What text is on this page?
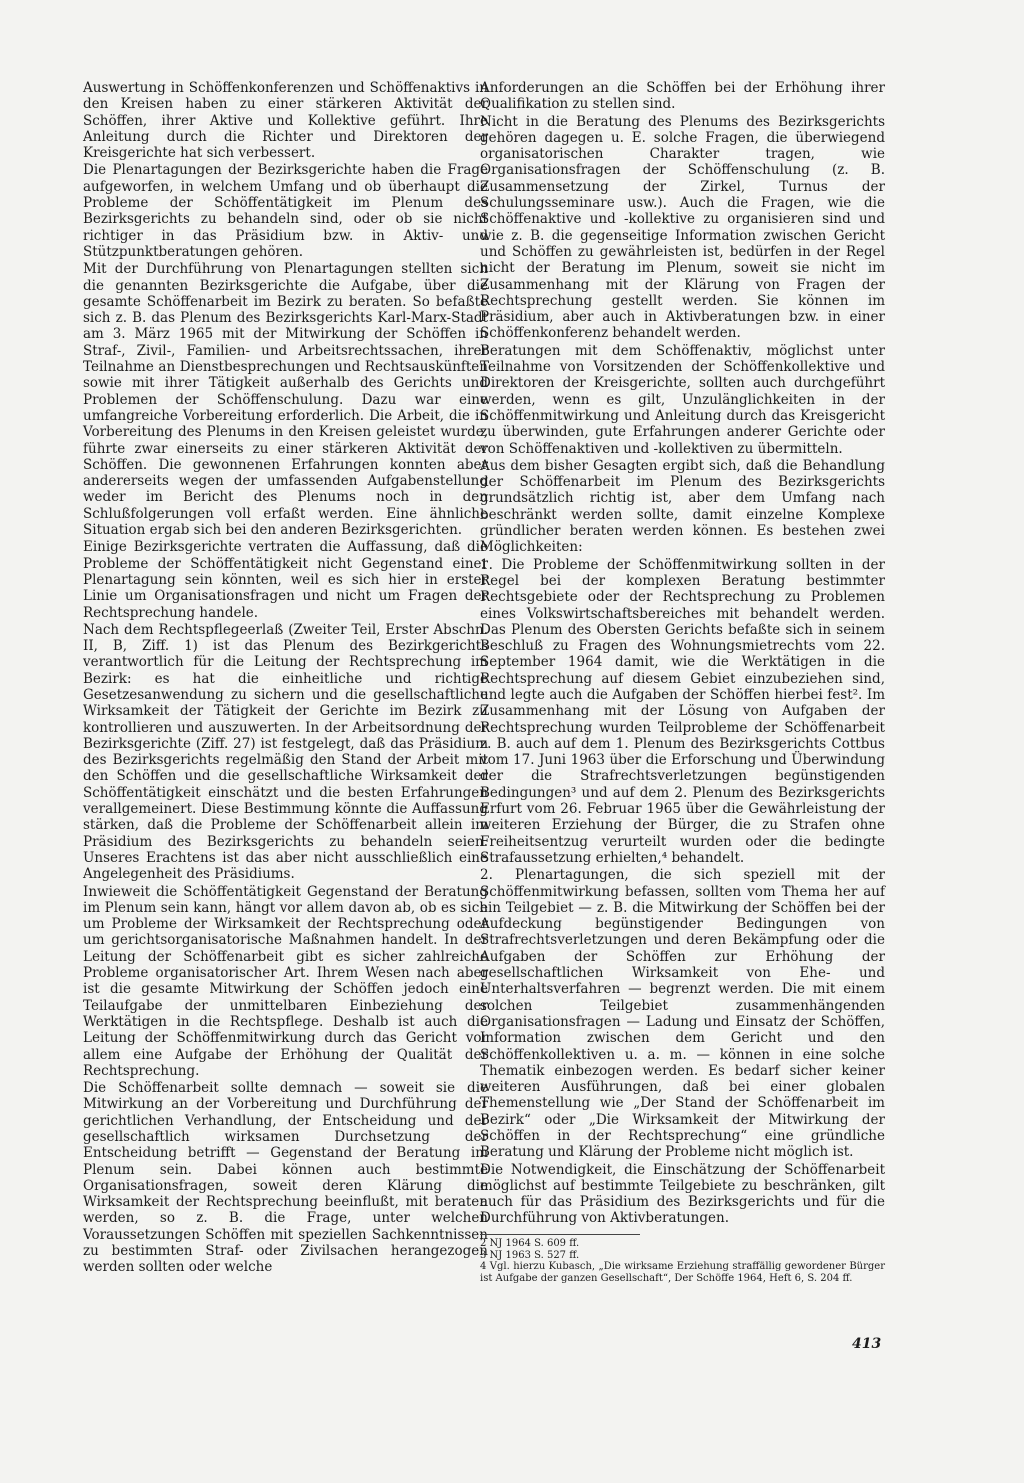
Auswertung in Schöffenkonferenzen und Schöffenaktivs in den Kreisen haben zu einer stärkeren Aktivität der Schöffen, ihrer Aktive und Kollektive geführt. Ihre Anleitung durch die Richter und Direktoren der Kreisgerichte hat sich verbessert.

Die Plenartagungen der Bezirksgerichte haben die Frage aufgeworfen, in welchem Umfang und ob überhaupt die Probleme der Schöffentätigkeit im Plenum des Bezirksgerichts zu behandeln sind, oder ob sie nicht richtiger in das Präsidium bzw. in Aktiv- und Stützpunktberatungen gehören.

Mit der Durchführung von Plenartagungen stellten sich die genannten Bezirksgerichte die Aufgabe, über die gesamte Schöffenarbeit im Bezirk zu beraten. So befaßte sich z. B. das Plenum des Bezirksgerichts Karl-Marx-Stadt am 3. März 1965 mit der Mitwirkung der Schöffen in Straf-, Zivil-, Familien- und Arbeitsrechtssachen, ihrer Teilnahme an Dienstbesprechungen und Rechtsauskünften sowie mit ihrer Tätigkeit außerhalb des Gerichts und Problemen der Schöffenschulung. Dazu war eine umfangreiche Vorbereitung erforderlich. Die Arbeit, die in Vorbereitung des Plenums in den Kreisen geleistet wurde, führte zwar einerseits zu einer stärkeren Aktivität der Schöffen. Die gewonnenen Erfahrungen konnten aber andererseits wegen der umfassenden Aufgabenstellung weder im Bericht des Plenums noch in den Schlußfolgerungen voll erfaßt werden. Eine ähnliche Situation ergab sich bei den anderen Bezirksgerichten.

Einige Bezirksgerichte vertraten die Auffassung, daß die Probleme der Schöffentätigkeit nicht Gegenstand einer Plenartagung sein könnten, weil es sich hier in erster Linie um Organisationsfragen und nicht um Fragen der Rechtsprechung handele.

Nach dem Rechtspflegeerlaß (Zweiter Teil, Erster Abschn. II, B, Ziff. 1) ist das Plenum des Bezirkgerichts verantwortlich für die Leitung der Rechtsprechung im Bezirk: es hat die einheitliche und richtige Gesetzesanwendung zu sichern und die gesellschaftliche Wirksamkeit der Tätigkeit der Gerichte im Bezirk zu kontrollieren und auszuwerten. In der Arbeitsordnung der Bezirksgerichte (Ziff. 27) ist festgelegt, daß das Präsidium des Bezirksgerichts regelmäßig den Stand der Arbeit mit den Schöffen und die gesellschaftliche Wirksamkeit der Schöffentätigkeit einschätzt und die besten Erfahrungen verallgemeinert. Diese Bestimmung könnte die Auffassung stärken, daß die Probleme der Schöffenarbeit allein im Präsidium des Bezirksgerichts zu behandeln seien. Unseres Erachtens ist das aber nicht ausschließlich eine Angelegenheit des Präsidiums.

Inwieweit die Schöffentätigkeit Gegenstand der Beratung im Plenum sein kann, hängt vor allem davon ab, ob es sich um Probleme der Wirksamkeit der Rechtsprechung oder um gerichtsorganisatorische Maßnahmen handelt. In der Leitung der Schöffenarbeit gibt es sicher zahlreiche Probleme organisatorischer Art. Ihrem Wesen nach aber ist die gesamte Mitwirkung der Schöffen jedoch eine Teilaufgabe der unmittelbaren Einbeziehung der Werktätigen in die Rechtspflege. Deshalb ist auch die Leitung der Schöffenmitwirkung durch das Gericht vor allem eine Aufgabe der Erhöhung der Qualität der Rechtsprechung.

Die Schöffenarbeit sollte demnach — soweit sie die Mitwirkung an der Vorbereitung und Durchführung der gerichtlichen Verhandlung, der Entscheidung und der gesellschaftlich wirksamen Durchsetzung der Entscheidung betrifft — Gegenstand der Beratung im Plenum sein. Dabei können auch bestimmte Organisationsfragen, soweit deren Klärung die Wirksamkeit der Rechtsprechung beeinflußt, mit beraten werden, so z. B. die Frage, unter welchen Voraussetzungen Schöffen mit speziellen Sachkenntnissen zu bestimmten Straf- oder Zivilsachen herangezogen werden sollten oder welche

Anforderungen an die Schöffen bei der Erhöhung ihrer Qualifikation zu stellen sind.

Nicht in die Beratung des Plenums des Bezirksgerichts gehören dagegen u. E. solche Fragen, die überwiegend organisatorischen Charakter tragen, wie Organisationsfragen der Schöffenschulung (z. B. Zusammensetzung der Zirkel, Turnus der Schulungsseminare usw.). Auch die Fragen, wie die Schöffenaktive und -kollektive zu organisieren sind und wie z. B. die gegenseitige Information zwischen Gericht und Schöffen zu gewährleisten ist, bedürfen in der Regel nicht der Beratung im Plenum, soweit sie nicht im Zusammenhang mit der Klärung von Fragen der Rechtsprechung gestellt werden. Sie können im Präsidium, aber auch in Aktivberatungen bzw. in einer Schöffenkonferenz behandelt werden.

Beratungen mit dem Schöffenaktiv, möglichst unter Teilnahme von Vorsitzenden der Schöffenkollektive und Direktoren der Kreisgerichte, sollten auch durchgeführt werden, wenn es gilt, Unzulänglichkeiten in der Schöffenmitwirkung und Anleitung durch das Kreisgericht zu überwinden, gute Erfahrungen anderer Gerichte oder von Schöffenaktiven und -kollektiven zu übermitteln.

Aus dem bisher Gesagten ergibt sich, daß die Behandlung der Schöffenarbeit im Plenum des Bezirksgerichts grundsätzlich richtig ist, aber dem Umfang nach beschränkt werden sollte, damit einzelne Komplexe gründlicher beraten werden können. Es bestehen zwei Möglichkeiten:

1. Die Probleme der Schöffenmitwirkung sollten in der Regel bei der komplexen Beratung bestimmter Rechtsgebiete oder der Rechtsprechung zu Problemen eines Volkswirtschaftsbereiches mit behandelt werden. Das Plenum des Obersten Gerichts befaßte sich in seinem Beschluß zu Fragen des Wohnungsmietrechts vom 22. September 1964 damit, wie die Werktätigen in die Rechtsprechung auf diesem Gebiet einzubeziehen sind, und legte auch die Aufgaben der Schöffen hierbei fest². Im Zusammenhang mit der Lösung von Aufgaben der Rechtsprechung wurden Teilprobleme der Schöffenarbeit z. B. auch auf dem 1. Plenum des Bezirksgerichts Cottbus vom 17. Juni 1963 über die Erforschung und Überwindung der die Strafrechtsverletzungen begünstigenden Bedingungen³ und auf dem 2. Plenum des Bezirksgerichts Erfurt vom 26. Februar 1965 über die Gewährleistung der weiteren Erziehung der Bürger, die zu Strafen ohne Freiheitsentzug verurteilt wurden oder die bedingte Strafaussetzung erhielten,⁴ behandelt.

2. Plenartagungen, die sich speziell mit der Schöffenmitwirkung befassen, sollten vom Thema her auf ein Teilgebiet — z. B. die Mitwirkung der Schöffen bei der Aufdeckung begünstigender Bedingungen von Strafrechtsverletzungen und deren Bekämpfung oder die Aufgaben der Schöffen zur Erhöhung der gesellschaftlichen Wirksamkeit von Ehe- und Unterhaltsverfahren — begrenzt werden. Die mit einem solchen Teilgebiet zusammenhängenden Organisationsfragen — Ladung und Einsatz der Schöffen, Information zwischen dem Gericht und den Schöffenkollektiven u. a. m. — können in eine solche Thematik einbezogen werden. Es bedarf sicher keiner weiteren Ausführungen, daß bei einer globalen Themenstellung wie „Der Stand der Schöffenarbeit im Bezirk“ oder „Die Wirksamkeit der Mitwirkung der Schöffen in der Rechtsprechung“ eine gründliche Beratung und Klärung der Probleme nicht möglich ist.

Die Notwendigkeit, die Einschätzung der Schöffenarbeit möglichst auf bestimmte Teilgebiete zu beschränken, gilt auch für das Präsidium des Bezirksgerichts und für die Durchführung von Aktivberatungen.

2 NJ 1964 S. 609 ff.

3 NJ 1963 S. 527 ff.

4 Vgl. hierzu Kubasch, „Die wirksame Erziehung straffällig gewordener Bürger ist Aufgabe der ganzen Gesellschaft“, Der Schöffe 1964, Heft 6, S. 204 ff.

413
